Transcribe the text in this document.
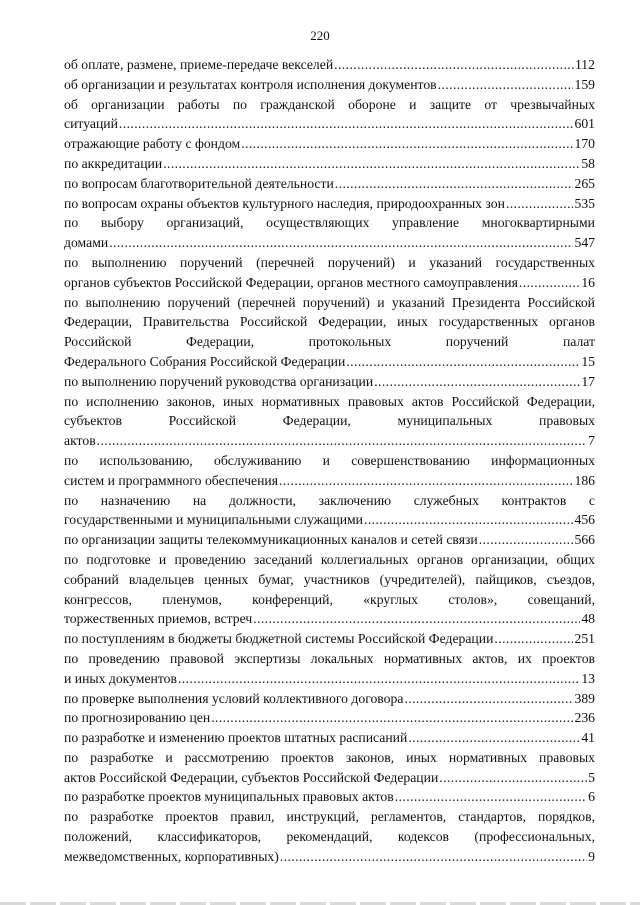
220
об оплате, размене, приеме-передаче векселей .....	112
об организации и результатах контроля исполнения документов .....	159
об организации работы по гражданской обороне и защите от чрезвычайных
ситуаций .....	601
отражающие работу с фондом .....	170
по аккредитации .....	58
по вопросам благотворительной деятельности .....	265
по вопросам охраны объектов культурного наследия, природоохранных зон .....	535
по выбору организаций, осуществляющих управление многоквартирными
домами .....	547
по выполнению поручений (перечней поручений) и указаний государственных
органов субъектов Российской Федерации, органов местного самоуправления .....	16
по выполнению поручений (перечней поручений) и указаний Президента Российской Федерации, Правительства Российской Федерации, иных государственных органов Российской Федерации, протокольных поручений палат
Федерального Собрания Российской Федерации .....	15
по выполнению поручений руководства организации .....	17
по исполнению законов, иных нормативных правовых актов Российской Федерации, субъектов Российской Федерации, муниципальных правовых
актов .....	7
по использованию, обслуживанию и совершенствованию информационных
систем и программного обеспечения .....	186
по назначению на должности, заключению служебных контрактов с
государственными и муниципальными служащими .....	456
по организации защиты телекоммуникационных каналов и сетей связи .....	566
по подготовке и проведению заседаний коллегиальных органов организации, общих собраний владельцев ценных бумаг, участников (учредителей), пайщиков, съездов, конгрессов, пленумов, конференций, «круглых столов», совещаний,
торжественных приемов, встреч .....	48
по поступлениям в бюджеты бюджетной системы Российской Федерации .....	251
по проведению правовой экспертизы локальных нормативных актов, их проектов
и иных документов .....	13
по проверке выполнения условий коллективного договора .....	389
по прогнозированию цен .....	236
по разработке и изменению проектов штатных расписаний .....	41
по разработке и рассмотрению проектов законов, иных нормативных правовых
актов Российской Федерации, субъектов Российской Федерации .....	5
по разработке проектов муниципальных правовых актов .....	6
по разработке проектов правил, инструкций, регламентов, стандартов, порядков, положений, классификаторов, рекомендаций, кодексов (профессиональных,
межведомственных, корпоративных) .....	9
